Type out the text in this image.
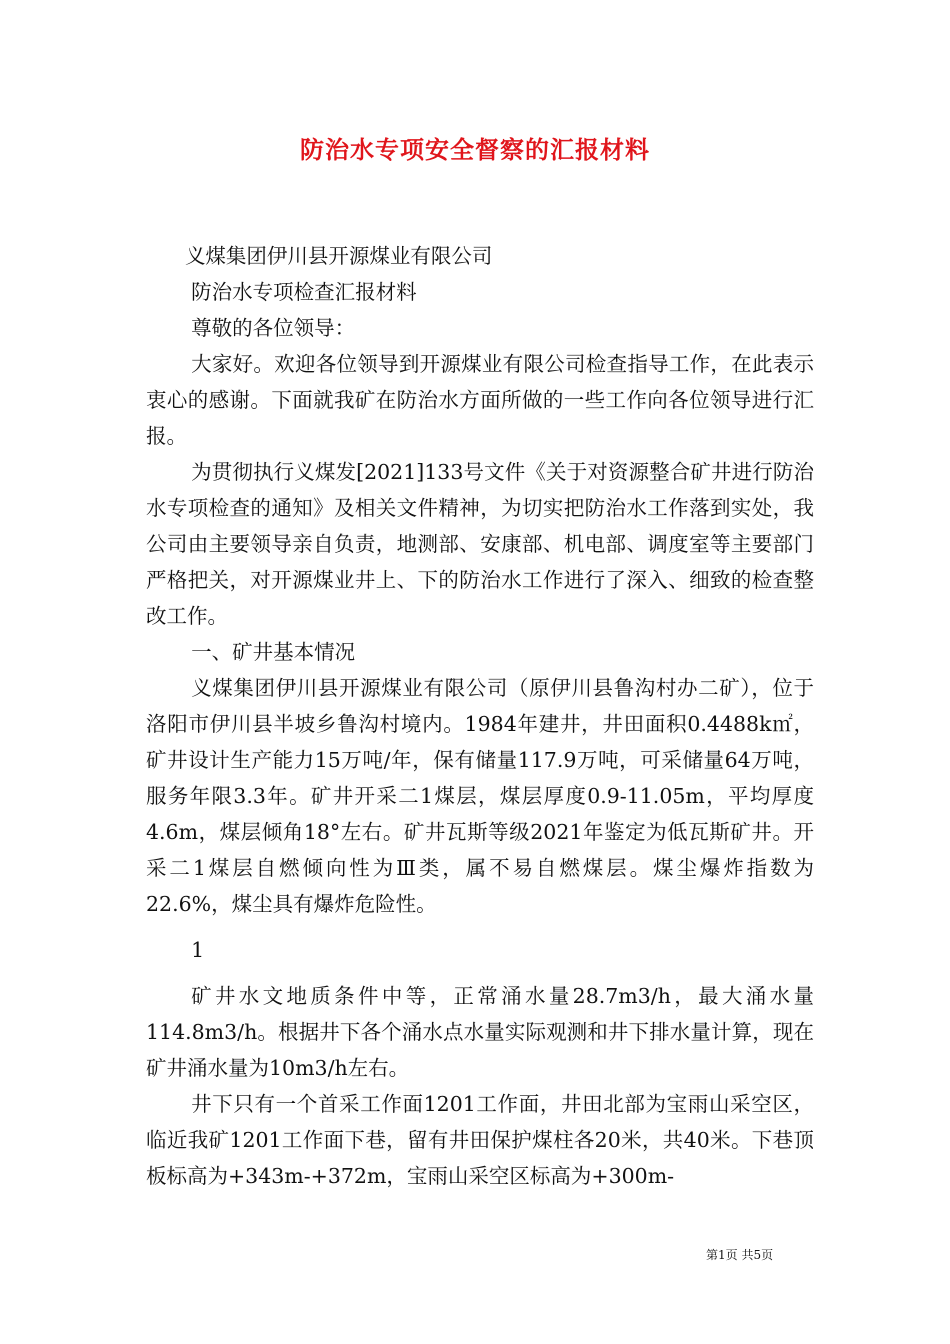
防治水专项安全督察的汇报材料

义煤集团伊川县开源煤业有限公司

防治水专项检查汇报材料

尊敬的各位领导：

大家好。欢迎各位领导到开源煤业有限公司检查指导工作，在此表示衷心的感谢。下面就我矿在防治水方面所做的一些工作向各位领导进行汇报。

为贯彻执行义煤发[2021]133号文件《关于对资源整合矿井进行防治水专项检查的通知》及相关文件精神，为切实把防治水工作落到实处，我公司由主要领导亲自负责，地测部、安康部、机电部、调度室等主要部门严格把关，对开源煤业井上、下的防治水工作进行了深入、细致的检查整改工作。

一、矿井基本情况

义煤集团伊川县开源煤业有限公司（原伊川县鲁沟村办二矿），位于洛阳市伊川县半坡乡鲁沟村境内。1984年建井，井田面积0.4488k㎡，矿井设计生产能力15万吨/年，保有储量117.9万吨，可采储量64万吨，服务年限3.3年。矿井开采二1煤层，煤层厚度0.9-11.05m，平均厚度4.6m，煤层倾角18°左右。矿井瓦斯等级2021年鉴定为低瓦斯矿井。开采二1煤层自燃倾向性为Ⅲ类，属不易自燃煤层。煤尘爆炸指数为22.6%，煤尘具有爆炸危险性。

1

矿井水文地质条件中等，正常涌水量28.7m3/h，最大涌水量114.8m3/h。根据井下各个涌水点水量实际观测和井下排水量计算，现在矿井涌水量为10m3/h左右。

井下只有一个首采工作面1201工作面，井田北部为宝雨山采空区，临近我矿1201工作面下巷，留有井田保护煤柱各20米，共40米。下巷顶板标高为+343m-+372m，宝雨山采空区标高为+300m-

第1页 共5页
